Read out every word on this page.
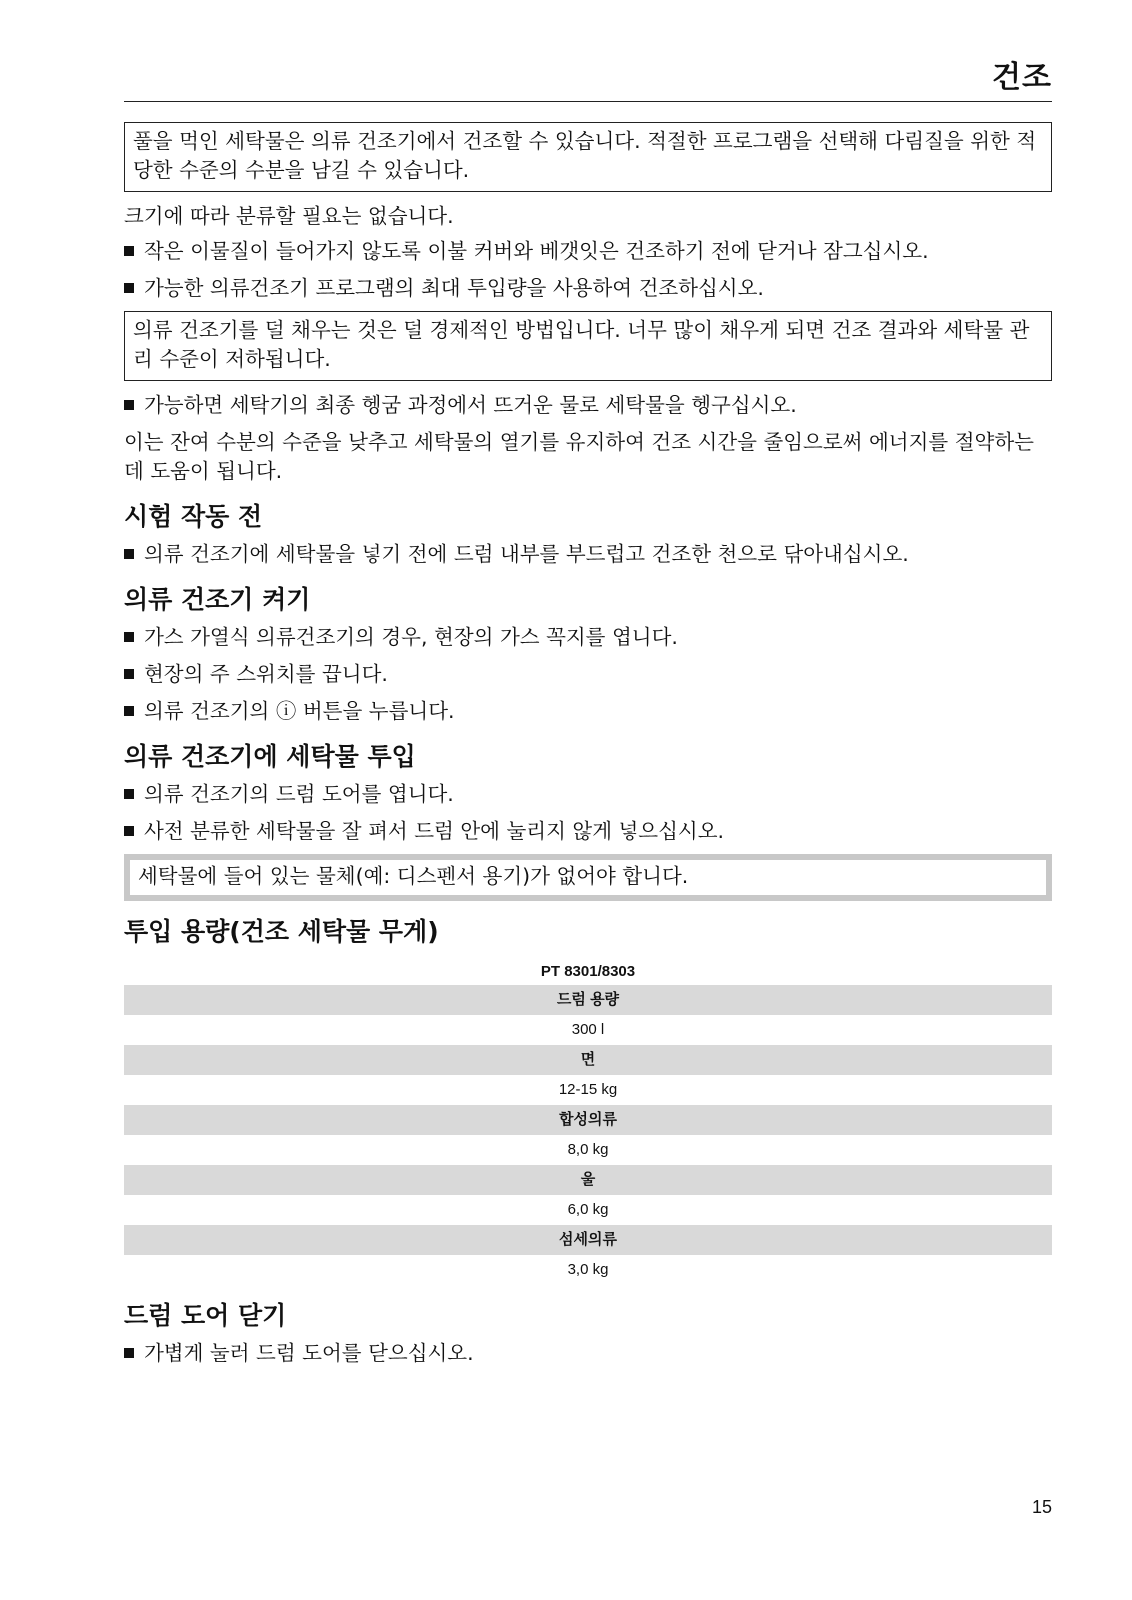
건조
풀을 먹인 세탁물은 의류 건조기에서 건조할 수 있습니다. 적절한 프로그램을 선택해 다림질을 위한 적당한 수준의 수분을 남길 수 있습니다.

크기에 따라 분류할 필요는 없습니다.

작은 이물질이 들어가지 않도록 이불 커버와 베갯잇은 건조하기 전에 닫거나 잠그십시오.
가능한 의류건조기 프로그램의 최대 투입량을 사용하여 건조하십시오.
의류 건조기를 덜 채우는 것은 덜 경제적인 방법입니다. 너무 많이 채우게 되면 건조 결과와 세탁물 관리 수준이 저하됩니다.
가능하면 세탁기의 최종 헹굼 과정에서 뜨거운 물로 세탁물을 헹구십시오.

이는 잔여 수분의 수준을 낮추고 세탁물의 열기를 유지하여 건조 시간을 줄임으로써 에너지를 절약하는 데 도움이 됩니다.

시험 작동 전
의류 건조기에 세탁물을 넣기 전에 드럼 내부를 부드럽고 건조한 천으로 닦아내십시오.
의류 건조기 켜기
가스 가열식 의류건조기의 경우, 현장의 가스 꼭지를 엽니다.
현장의 주 스위치를 끕니다.
의류 건조기의 ⓘ 버튼을 누릅니다.
의류 건조기에 세탁물 투입
의류 건조기의 드럼 도어를 엽니다.
사전 분류한 세탁물을 잘 펴서 드럼 안에 눌리지 않게 넣으십시오.
세탁물에 들어 있는 물체(예: 디스펜서 용기)가 없어야 합니다.
투입 용량(건조 세탁물 무게)
PT 8301/8303
드럼 용량
300 l
면
12-15 kg
합성의류
8,0 kg
울
6,0 kg
섬세의류
3,0 kg
드럼 도어 닫기
가볍게 눌러 드럼 도어를 닫으십시오.
15
